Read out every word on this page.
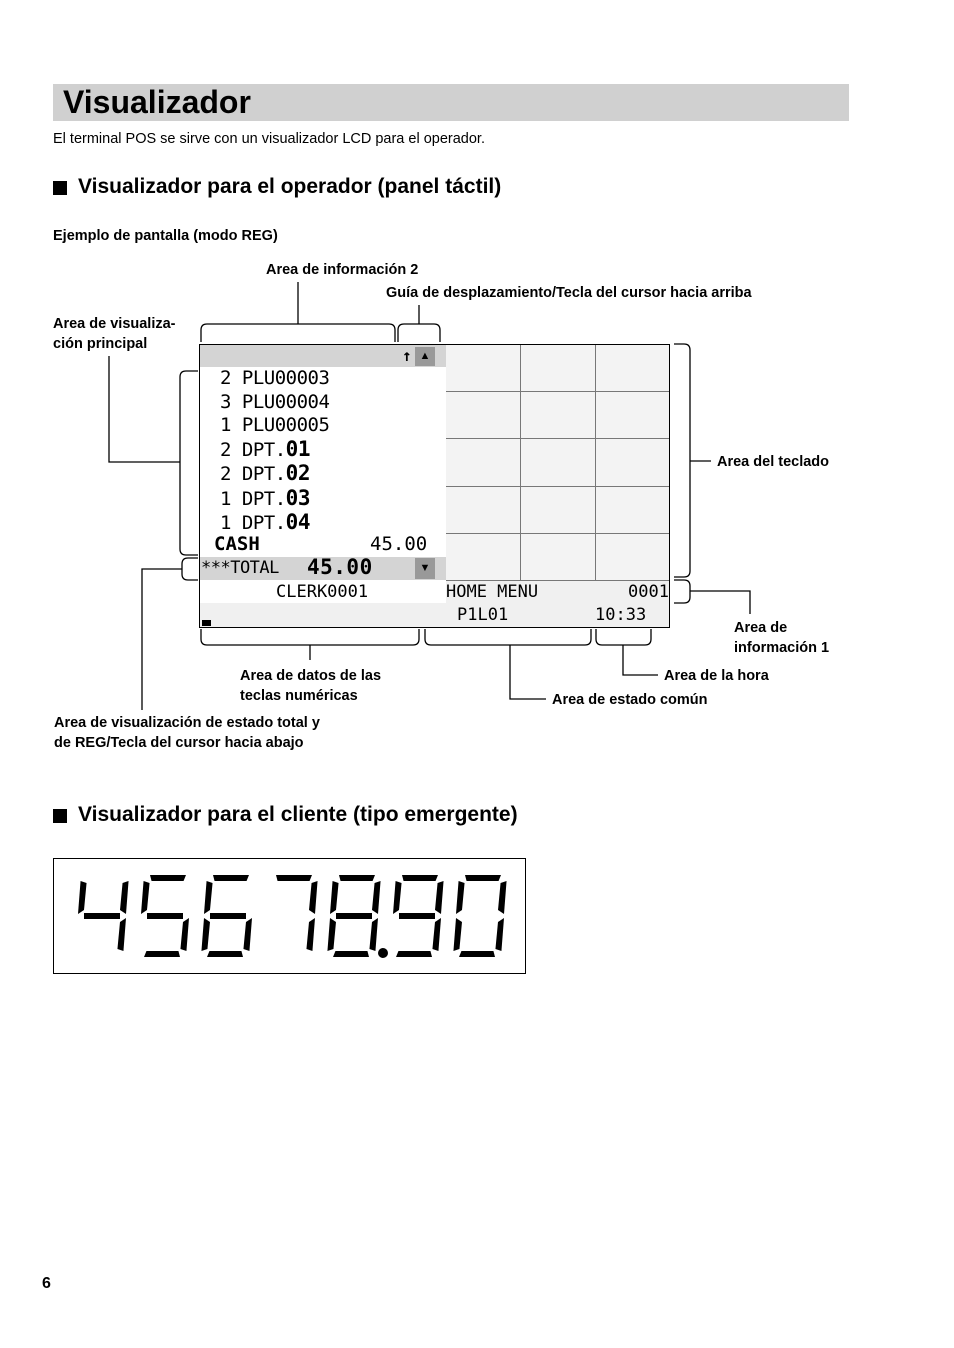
Visualizador
El terminal POS se sirve con un visualizador LCD para el operador.
Visualizador para el operador (panel táctil)
Ejemplo de pantalla (modo REG)
Area de información 2
Guía de desplazamiento/Tecla del cursor hacia arriba
Area de visualiza-
ción principal
Area del teclado
Area de
información 1
Area de la hora
Area de estado común
Area de datos de las
teclas numéricas
Area de visualización de estado total y
de REG/Tecla del cursor hacia abajo
↑ ▲
2 PLU00003
3 PLU00004
1 PLU00005
2 DPT.01
2 DPT.02
1 DPT.03
1 DPT.04
CASH	45.00
***TOTAL 45.00	▼
CLERK0001	HOME MENU	0001
P1L01	10:33
Visualizador para el cliente (tipo emergente)
6
